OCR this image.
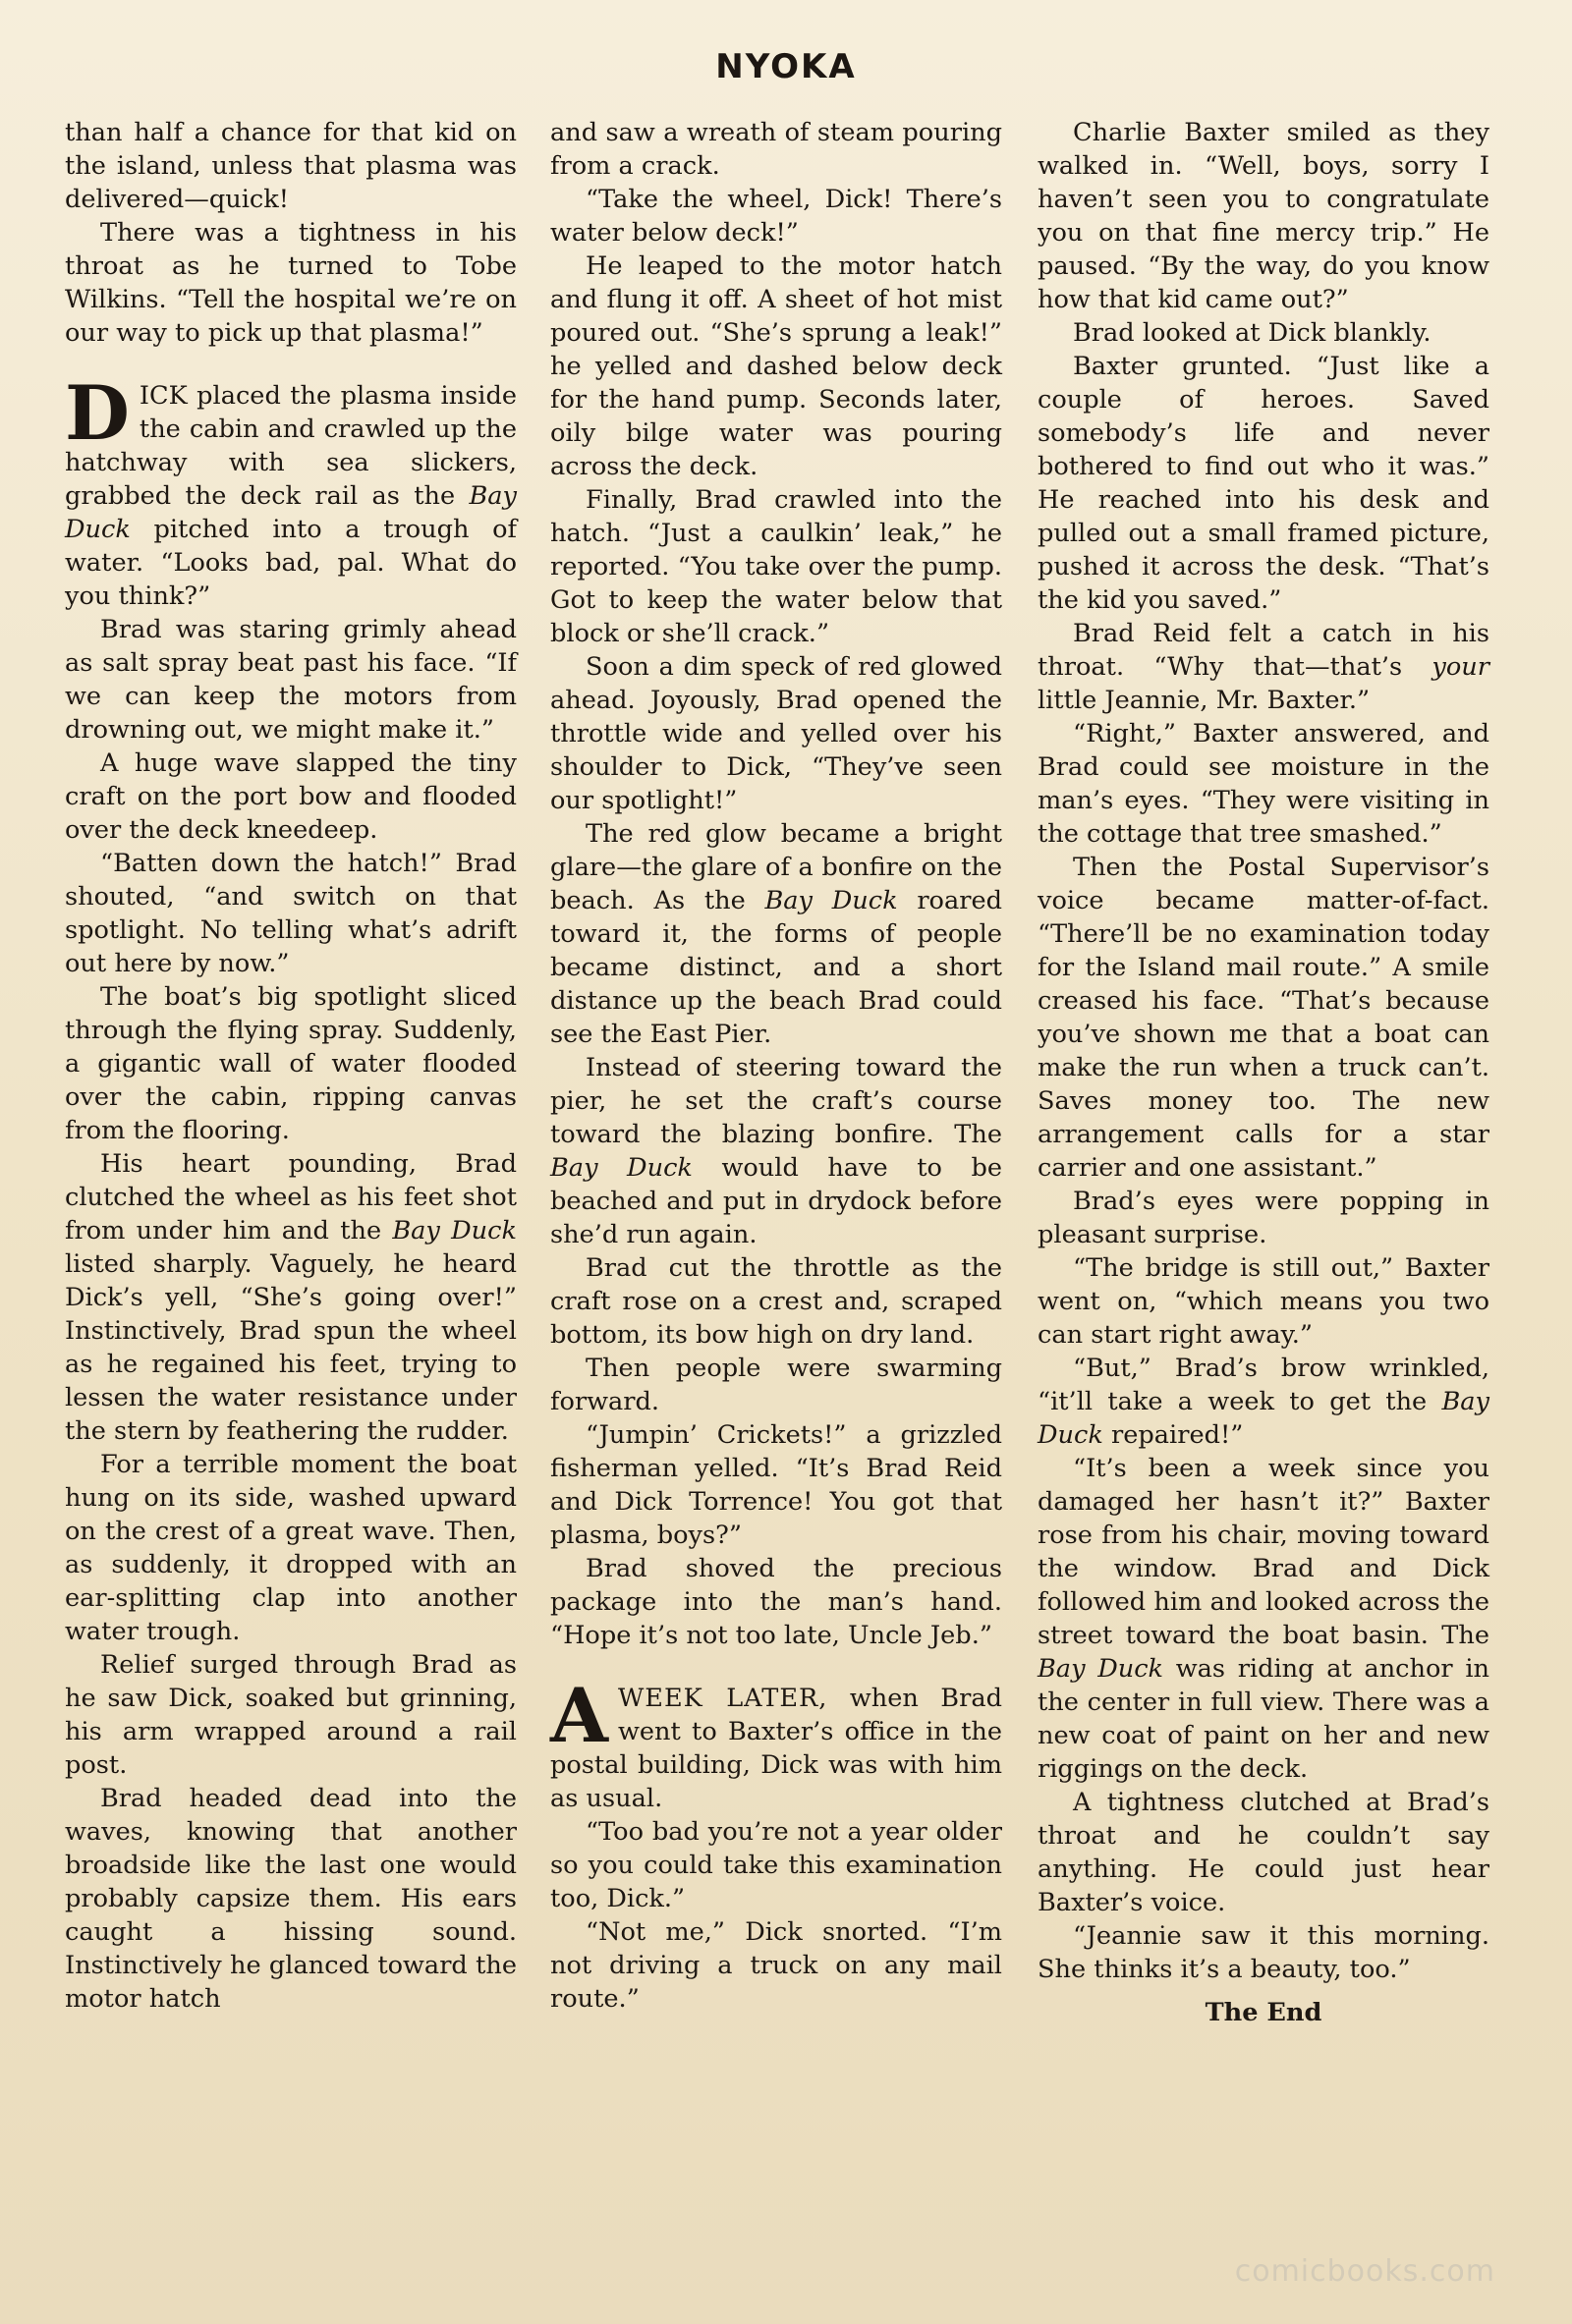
NYOKA

than half a chance for that kid on the island, unless that plasma was delivered—quick!

There was a tightness in his throat as he turned to Tobe Wilkins. “Tell the hospital we’re on our way to pick up that plasma!”

DICK placed the plasma inside the cabin and crawled up the hatchway with sea slickers, grabbed the deck rail as the Bay Duck pitched into a trough of water. “Looks bad, pal. What do you think?”

Brad was staring grimly ahead as salt spray beat past his face. “If we can keep the motors from drowning out, we might make it.”

A huge wave slapped the tiny craft on the port bow and flooded over the deck kneedeep.

“Batten down the hatch!” Brad shouted, “and switch on that spotlight. No telling what’s adrift out here by now.”

The boat’s big spotlight sliced through the flying spray. Suddenly, a gigantic wall of water flooded over the cabin, ripping canvas from the flooring.

His heart pounding, Brad clutched the wheel as his feet shot from under him and the Bay Duck listed sharply. Vaguely, he heard Dick’s yell, “She’s going over!” Instinctively, Brad spun the wheel as he regained his feet, trying to lessen the water resistance under the stern by feathering the rudder.

For a terrible moment the boat hung on its side, washed upward on the crest of a great wave. Then, as suddenly, it dropped with an ear-splitting clap into another water trough.

Relief surged through Brad as he saw Dick, soaked but grinning, his arm wrapped around a rail post.

Brad headed dead into the waves, knowing that another broadside like the last one would probably capsize them. His ears caught a hissing sound. Instinctively he glanced toward the motor hatch

and saw a wreath of steam pouring from a crack.

“Take the wheel, Dick! There’s water below deck!”

He leaped to the motor hatch and flung it off. A sheet of hot mist poured out. “She’s sprung a leak!” he yelled and dashed below deck for the hand pump. Seconds later, oily bilge water was pouring across the deck.

Finally, Brad crawled into the hatch. “Just a caulkin’ leak,” he reported. “You take over the pump. Got to keep the water below that block or she’ll crack.”

Soon a dim speck of red glowed ahead. Joyously, Brad opened the throttle wide and yelled over his shoulder to Dick, “They’ve seen our spotlight!”

The red glow became a bright glare—the glare of a bonfire on the beach. As the Bay Duck roared toward it, the forms of people became distinct, and a short distance up the beach Brad could see the East Pier.

Instead of steering toward the pier, he set the craft’s course toward the blazing bonfire. The Bay Duck would have to be beached and put in drydock before she’d run again.

Brad cut the throttle as the craft rose on a crest and, scraped bottom, its bow high on dry land.

Then people were swarming forward.

“Jumpin’ Crickets!” a grizzled fisherman yelled. “It’s Brad Reid and Dick Torrence! You got that plasma, boys?”

Brad shoved the precious package into the man’s hand. “Hope it’s not too late, Uncle Jeb.”

A WEEK LATER, when Brad went to Baxter’s office in the postal building, Dick was with him as usual.

“Too bad you’re not a year older so you could take this examination too, Dick.”

“Not me,” Dick snorted. “I’m not driving a truck on any mail route.”

Charlie Baxter smiled as they walked in. “Well, boys, sorry I haven’t seen you to congratulate you on that fine mercy trip.” He paused. “By the way, do you know how that kid came out?”

Brad looked at Dick blankly.

Baxter grunted. “Just like a couple of heroes. Saved somebody’s life and never bothered to find out who it was.” He reached into his desk and pulled out a small framed picture, pushed it across the desk. “That’s the kid you saved.”

Brad Reid felt a catch in his throat. “Why that—that’s your little Jeannie, Mr. Baxter.”

“Right,” Baxter answered, and Brad could see moisture in the man’s eyes. “They were visiting in the cottage that tree smashed.”

Then the Postal Supervisor’s voice became matter-of-fact. “There’ll be no examination today for the Island mail route.” A smile creased his face. “That’s because you’ve shown me that a boat can make the run when a truck can’t. Saves money too. The new arrangement calls for a star carrier and one assistant.”

Brad’s eyes were popping in pleasant surprise.

“The bridge is still out,” Baxter went on, “which means you two can start right away.”

“But,” Brad’s brow wrinkled, “it’ll take a week to get the Bay Duck repaired!”

“It’s been a week since you damaged her hasn’t it?” Baxter rose from his chair, moving toward the window. Brad and Dick followed him and looked across the street toward the boat basin. The Bay Duck was riding at anchor in the center in full view. There was a new coat of paint on her and new riggings on the deck.

A tightness clutched at Brad’s throat and he couldn’t say anything. He could just hear Baxter’s voice.

“Jeannie saw it this morning. She thinks it’s a beauty, too.”

The End

comicbooks.com
